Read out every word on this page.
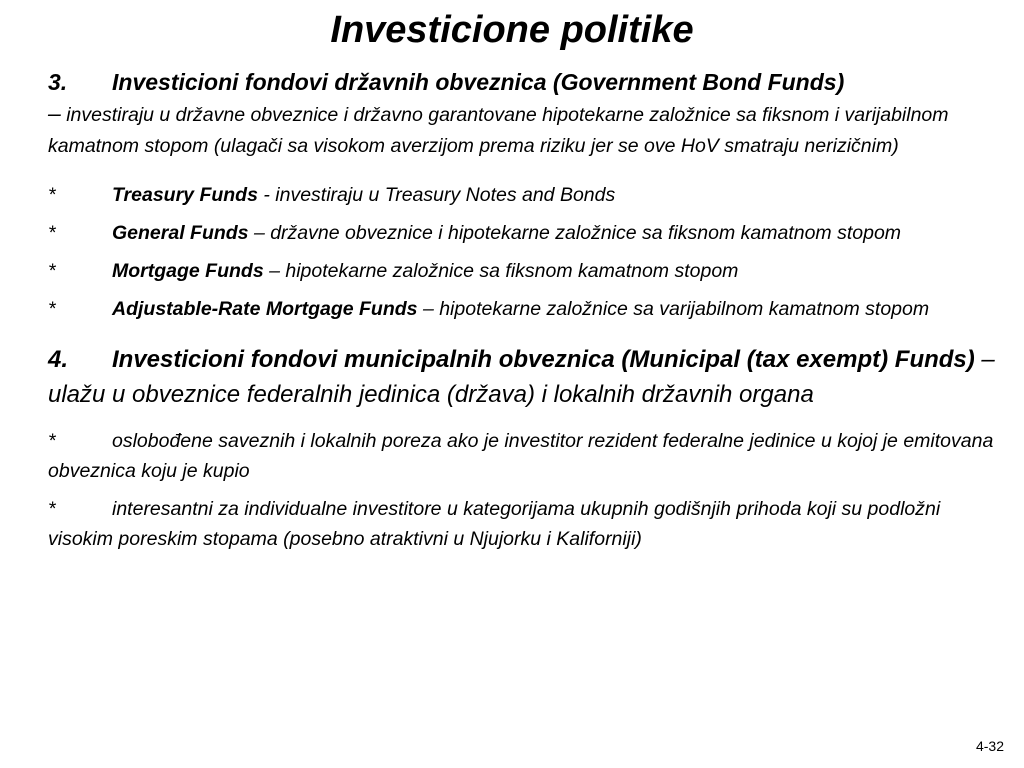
Investicione politike

3. Investicioni fondovi državnih obveznica (Government Bond Funds)

– investiraju u državne obveznice i državno garantovane hipotekarne založnice sa fiksnom i varijabilnom kamatnom stopom (ulagači sa visokom averzijom prema riziku jer se ove HoV smatraju nerizičnim)

*	Treasury Funds - investiraju u Treasury Notes and Bonds

*	General Funds – državne obveznice i hipotekarne založnice sa fiksnom kamatnom stopom

*	Mortgage Funds – hipotekarne založnice sa fiksnom kamatnom stopom

*	Adjustable-Rate Mortgage Funds – hipotekarne založnice sa varijabilnom kamatnom stopom

4. Investicioni fondovi municipalnih obveznica (Municipal (tax exempt) Funds) – ulažu u obveznice federalnih jedinica (država) i lokalnih državnih organa

*	oslobođene saveznih i lokalnih poreza ako je investitor rezident federalne jedinice u kojoj je emitovana obveznica koju je kupio

*	interesantni za individualne investitore u kategorijama ukupnih godišnjih prihoda koji su podložni visokim poreskim stopama (posebno atraktivni u Njujorku i Kaliforniji)

4-32
